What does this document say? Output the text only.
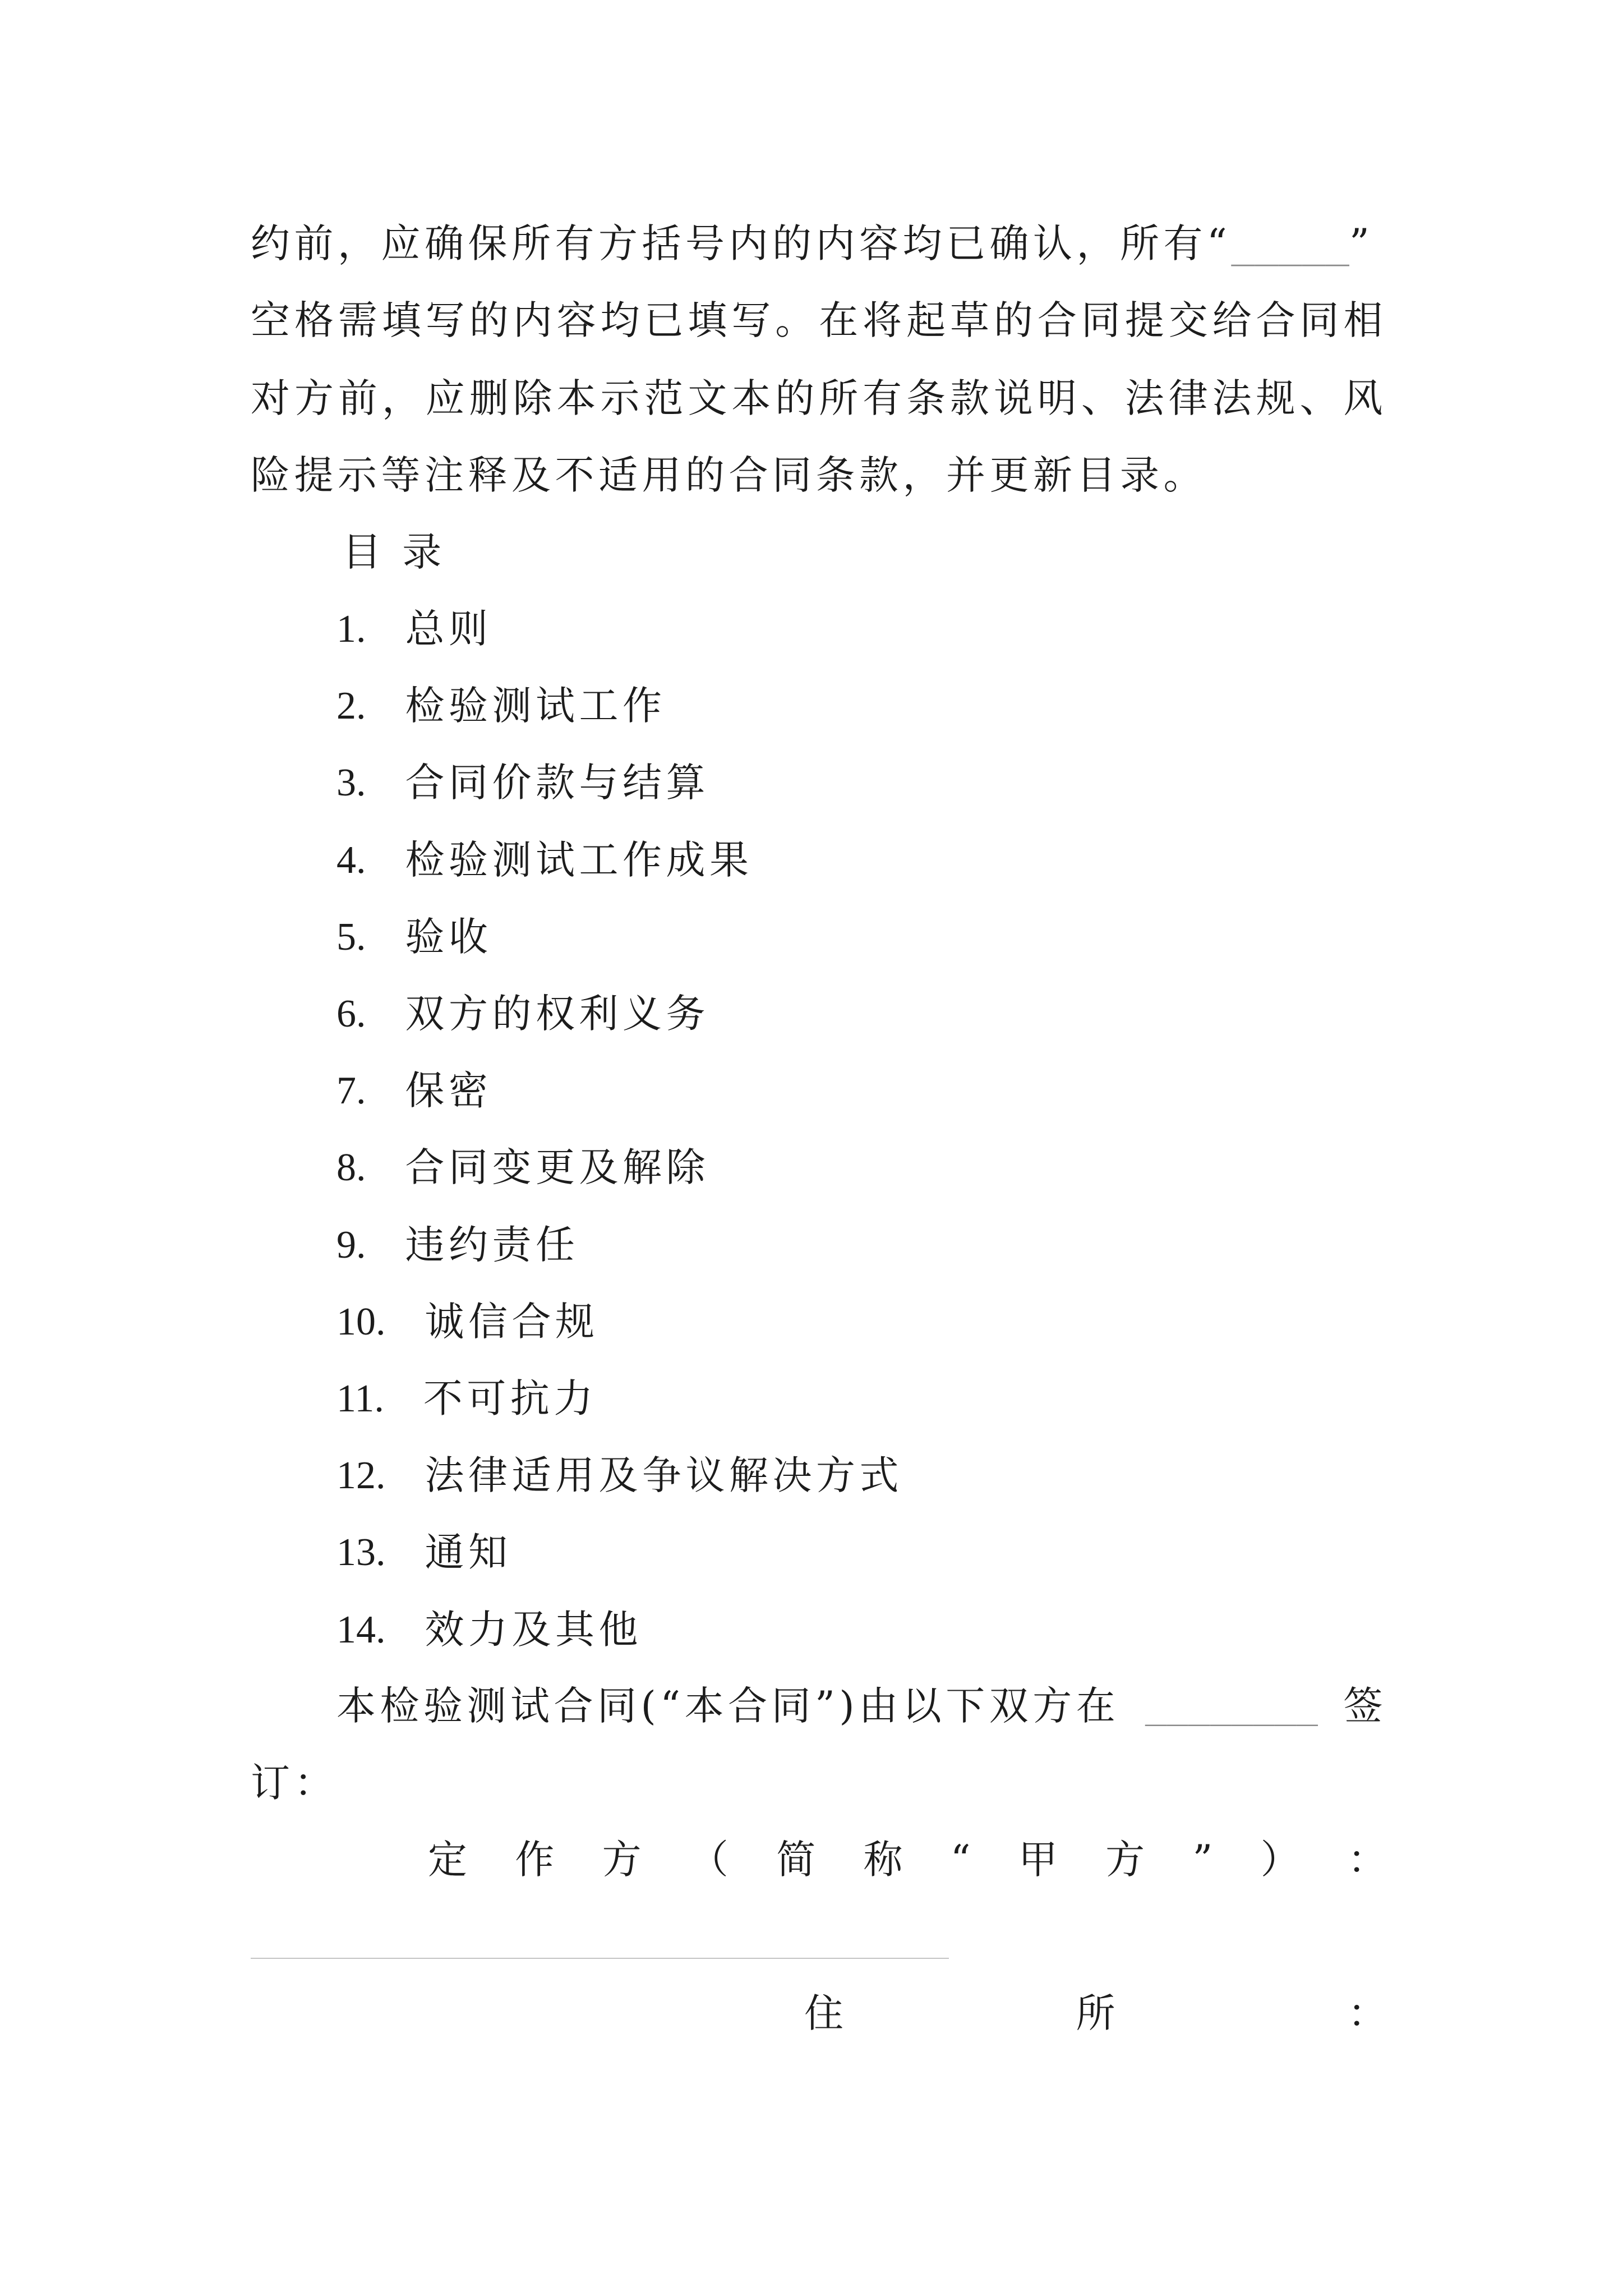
约前，应确保所有方括号内的内容均已确认，所有“_____”
空格需填写的内容均已填写。在将起草的合同提交给合同相
对方前，应删除本示范文本的所有条款说明、法律法规、风
险提示等注释及不适用的合同条款，并更新目录。
目 录
1. 总则
2. 检验测试工作
3. 合同价款与结算
4. 检验测试工作成果
5. 验收
6. 双方的权利义务
7. 保密
8. 合同变更及解除
9. 违约责任
10. 诚信合规
11. 不可抗力
12. 法律适用及争议解决方式
13. 通知
14. 效力及其他
本检验测试合同(“本合同”)由以下双方在 ________ 签
订：
定 作 方 （ 简 称 “ 甲 方 ” ） ：
住	所	：
